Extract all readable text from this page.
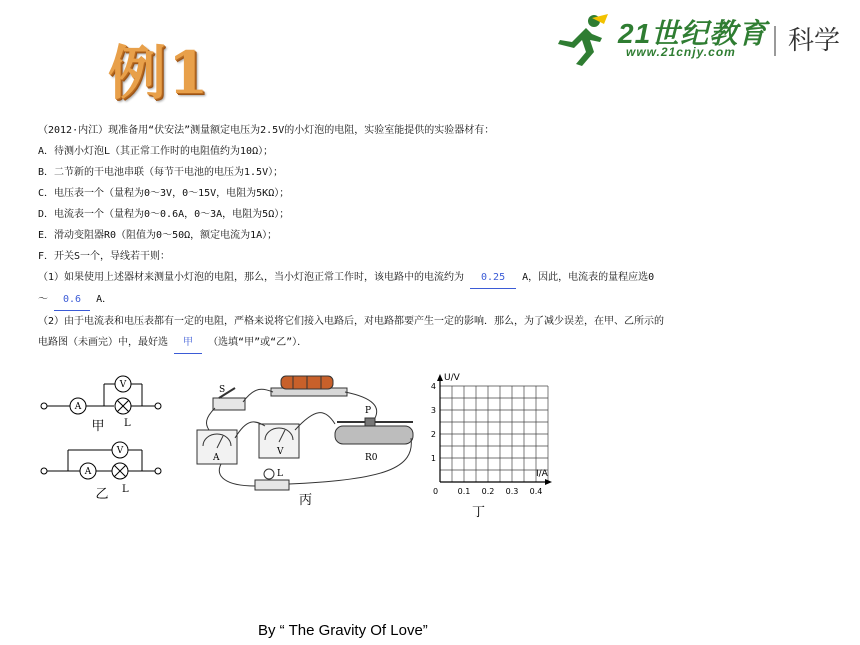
例1
21世纪教育
www.21cnjy.com 科学
（2012·内江）现准备用“伏安法”测量额定电压为2.5V的小灯泡的电阻，实验室能提供的实验器材有：
A．待测小灯泡L（其正常工作时的电阻值约为10Ω）；
B．二节新的干电池串联（每节干电池的电压为1.5V）；
C．电压表一个（量程为0～3V，0～15V，电阻为5KΩ）；
D．电流表一个（量程为0～0.6A，0～3A，电阻为5Ω）；
E．滑动变阻器R0（阻值为0～50Ω，额定电流为1A）；
F．开关S一个，导线若干则：
（1）如果使用上述器材来测量小灯泡的电阻，那么，当小灯泡正常工作时，该电路中的电流约为 0.25 A，因此，电流表的量程应选0
～ 0.6 A．
（2）由于电流表和电压表都有一定的电阻，严格来说将它们接入电路后，对电路都要产生一定的影响．那么，为了减少误差，在甲、乙所示的
电路图（未画完）中，最好选 甲 （选填“甲”或“乙”）．
A
V
A
V
L
L
甲
乙
S
A
V
P
R0
L
丙
U/V
I/A
0
1
2
3
4
0.1 0.2 0.3 0.4
丁
By “ The Gravity Of Love”
